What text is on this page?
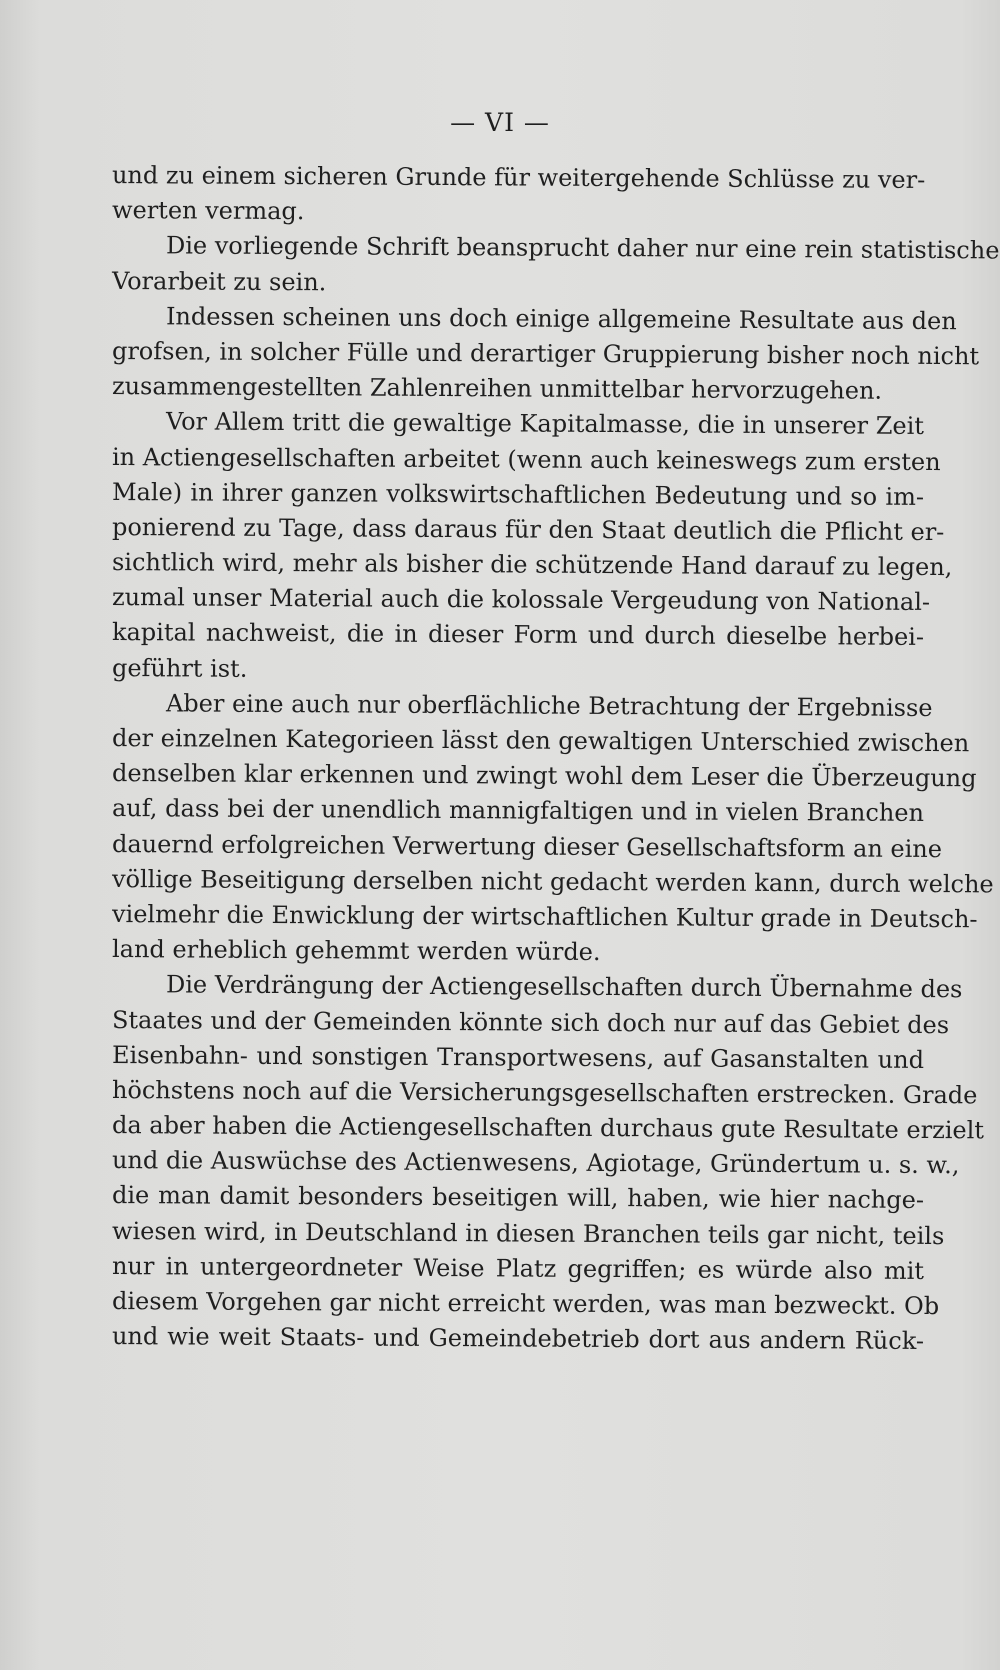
— VI —
und zu einem sicheren Grunde für weitergehende Schlüsse zu ver-
werten vermag.
Die vorliegende Schrift beansprucht daher nur eine rein statistische
Vorarbeit zu sein.
Indessen scheinen uns doch einige allgemeine Resultate aus den
grofsen, in solcher Fülle und derartiger Gruppierung bisher noch nicht
zusammengestellten Zahlenreihen unmittelbar hervorzugehen.
Vor Allem tritt die gewaltige Kapitalmasse, die in unserer Zeit
in Actiengesellschaften arbeitet (wenn auch keineswegs zum ersten
Male) in ihrer ganzen volkswirtschaftlichen Bedeutung und so im-
ponierend zu Tage, dass daraus für den Staat deutlich die Pflicht er-
sichtlich wird, mehr als bisher die schützende Hand darauf zu legen,
zumal unser Material auch die kolossale Vergeudung von National-
kapital nachweist, die in dieser Form und durch dieselbe herbei-
geführt ist.
Aber eine auch nur oberflächliche Betrachtung der Ergebnisse
der einzelnen Kategorieen lässt den gewaltigen Unterschied zwischen
denselben klar erkennen und zwingt wohl dem Leser die Überzeugung
auf, dass bei der unendlich mannigfaltigen und in vielen Branchen
dauernd erfolgreichen Verwertung dieser Gesellschaftsform an eine
völlige Beseitigung derselben nicht gedacht werden kann, durch welche
vielmehr die Enwicklung der wirtschaftlichen Kultur grade in Deutsch-
land erheblich gehemmt werden würde.
Die Verdrängung der Actiengesellschaften durch Übernahme des
Staates und der Gemeinden könnte sich doch nur auf das Gebiet des
Eisenbahn- und sonstigen Transportwesens, auf Gasanstalten und
höchstens noch auf die Versicherungsgesellschaften erstrecken. Grade
da aber haben die Actiengesellschaften durchaus gute Resultate erzielt
und die Auswüchse des Actienwesens, Agiotage, Gründertum u. s. w.,
die man damit besonders beseitigen will, haben, wie hier nachge-
wiesen wird, in Deutschland in diesen Branchen teils gar nicht, teils
nur in untergeordneter Weise Platz gegriffen; es würde also mit
diesem Vorgehen gar nicht erreicht werden, was man bezweckt. Ob
und wie weit Staats- und Gemeindebetrieb dort aus andern Rück-
